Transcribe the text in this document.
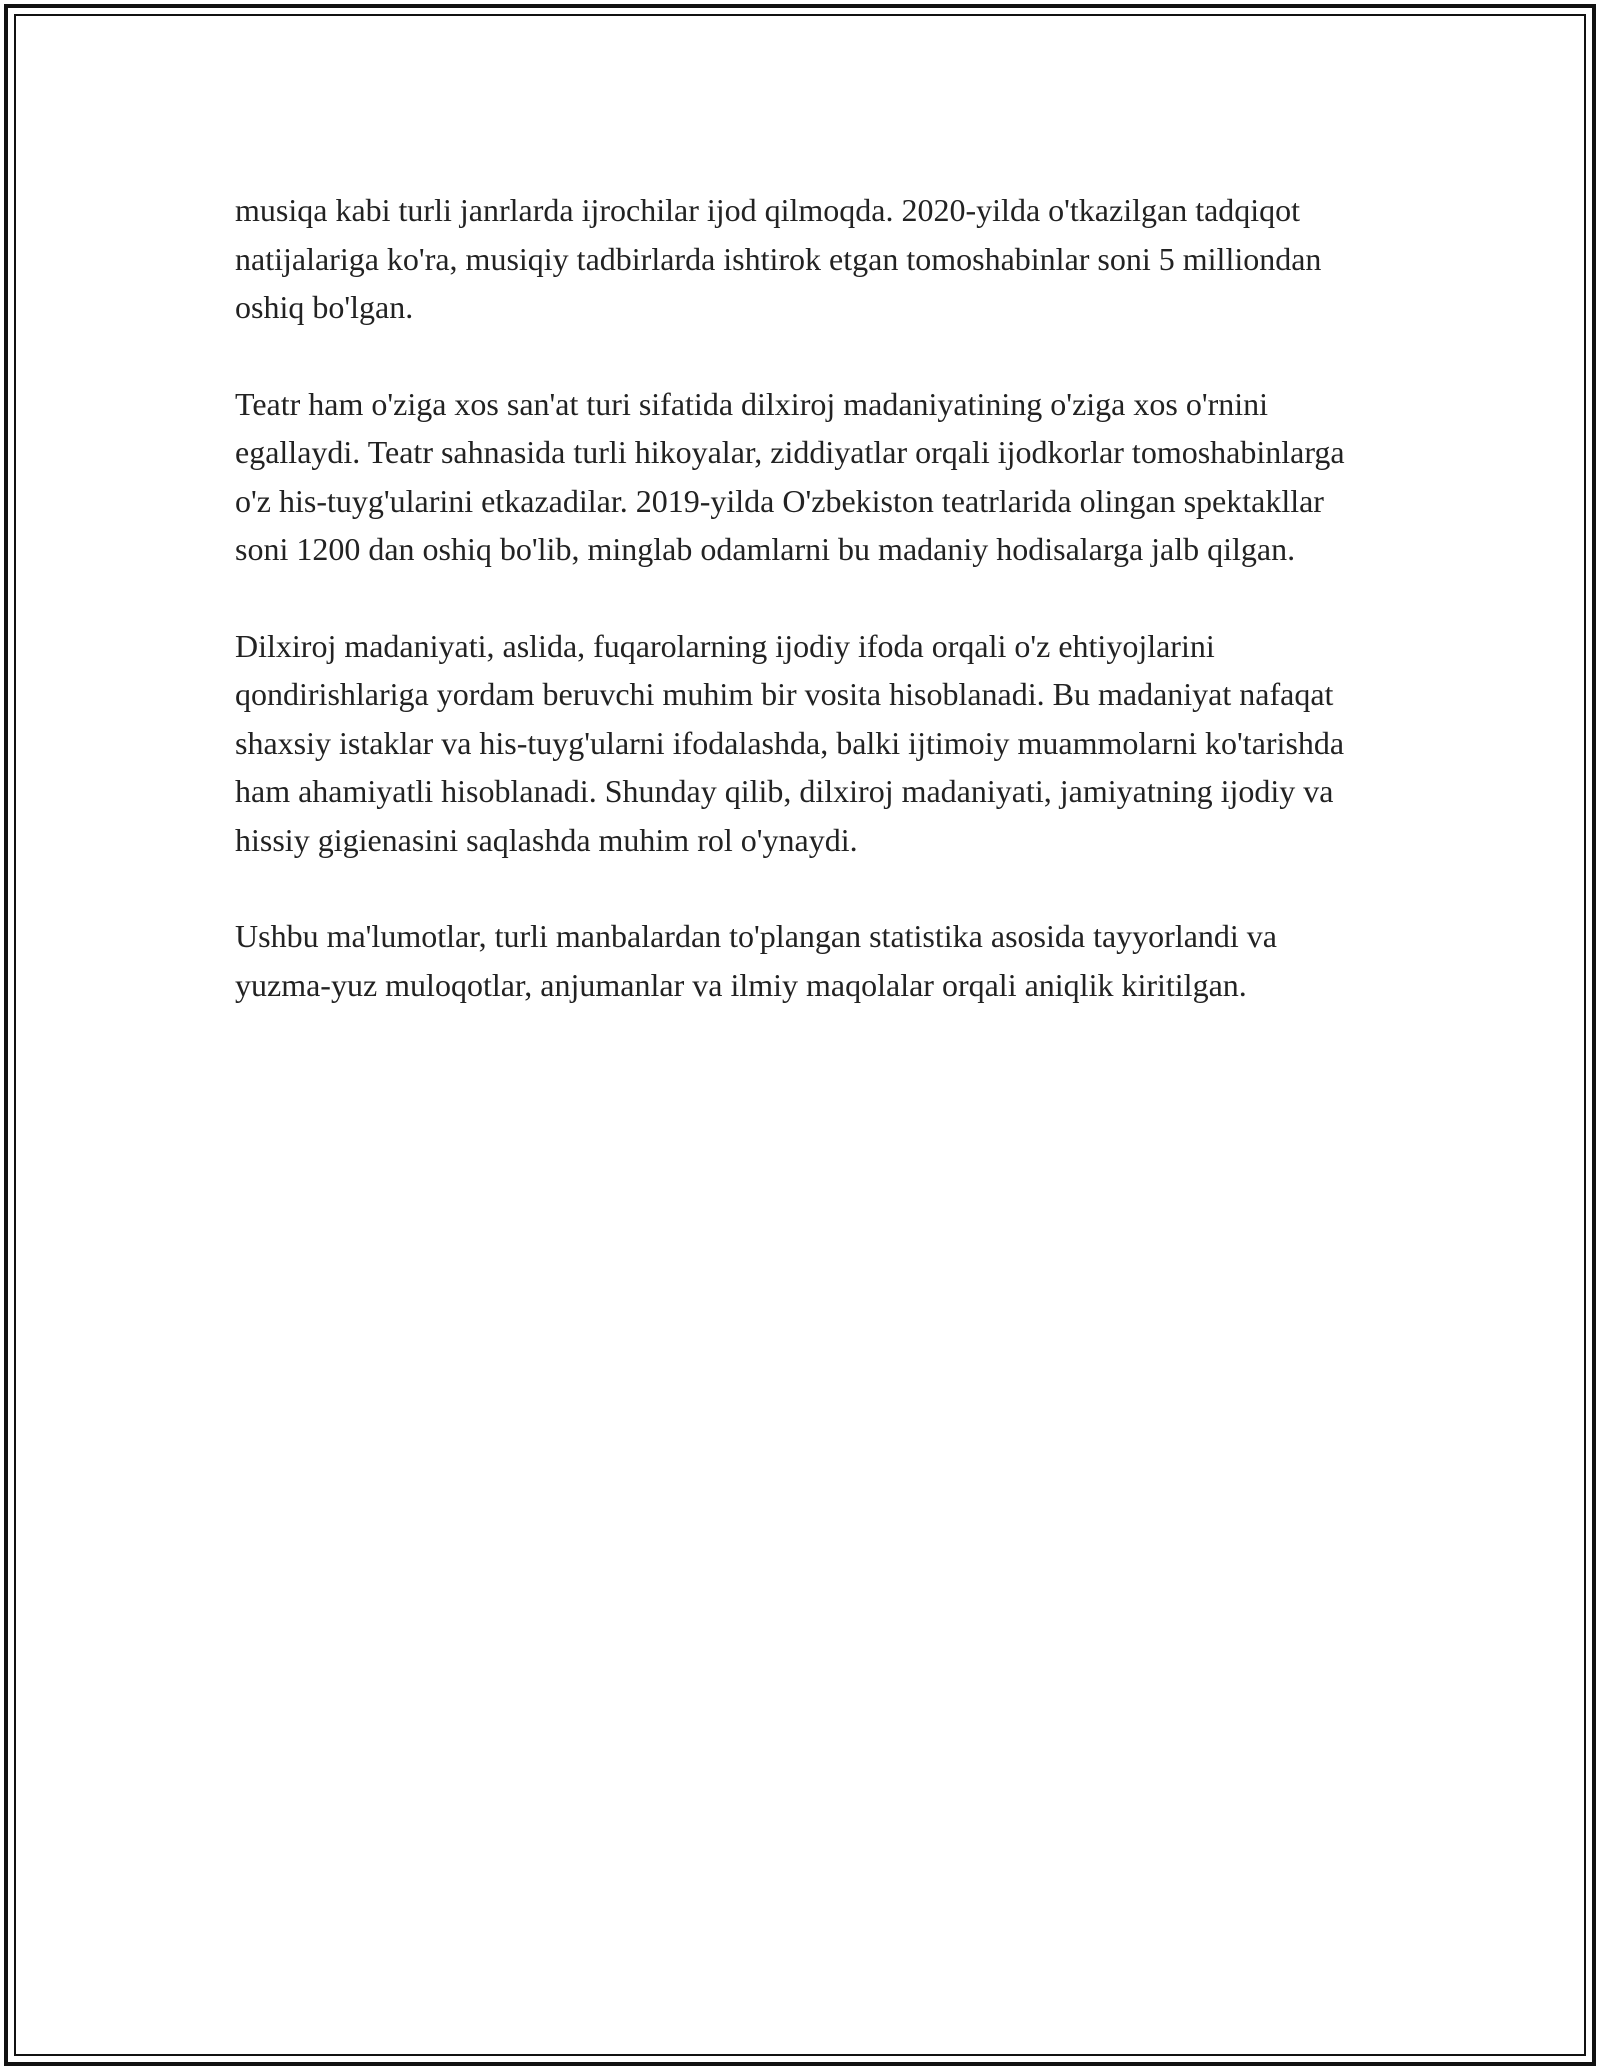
musiqa kabi turli janrlarda ijrochilar ijod qilmoqda. 2020-yilda o'tkazilgan tadqiqot natijalariga ko'ra, musiqiy tadbirlarda ishtirok etgan tomoshabinlar soni 5 milliondan oshiq bo'lgan.

Teatr ham o'ziga xos san'at turi sifatida dilxiroj madaniyatining o'ziga xos o'rnini egallaydi. Teatr sahnasida turli hikoyalar, ziddiyatlar orqali ijodkorlar tomoshabinlarga o'z his-tuyg'ularini etkazadilar. 2019-yilda O'zbekiston teatrlarida olingan spektakllar soni 1200 dan oshiq bo'lib, minglab odamlarni bu madaniy hodisalarga jalb qilgan.

Dilxiroj madaniyati, aslida, fuqarolarning ijodiy ifoda orqali o'z ehtiyojlarini qondirishlariga yordam beruvchi muhim bir vosita hisoblanadi. Bu madaniyat nafaqat shaxsiy istaklar va his-tuyg'ularni ifodalashda, balki ijtimoiy muammolarni ko'tarishda ham ahamiyatli hisoblanadi. Shunday qilib, dilxiroj madaniyati, jamiyatning ijodiy va hissiy gigienasini saqlashda muhim rol o'ynaydi.

Ushbu ma'lumotlar, turli manbalardan to'plangan statistika asosida tayyorlandi va yuzma-yuz muloqotlar, anjumanlar va ilmiy maqolalar orqali aniqlik kiritilgan.
